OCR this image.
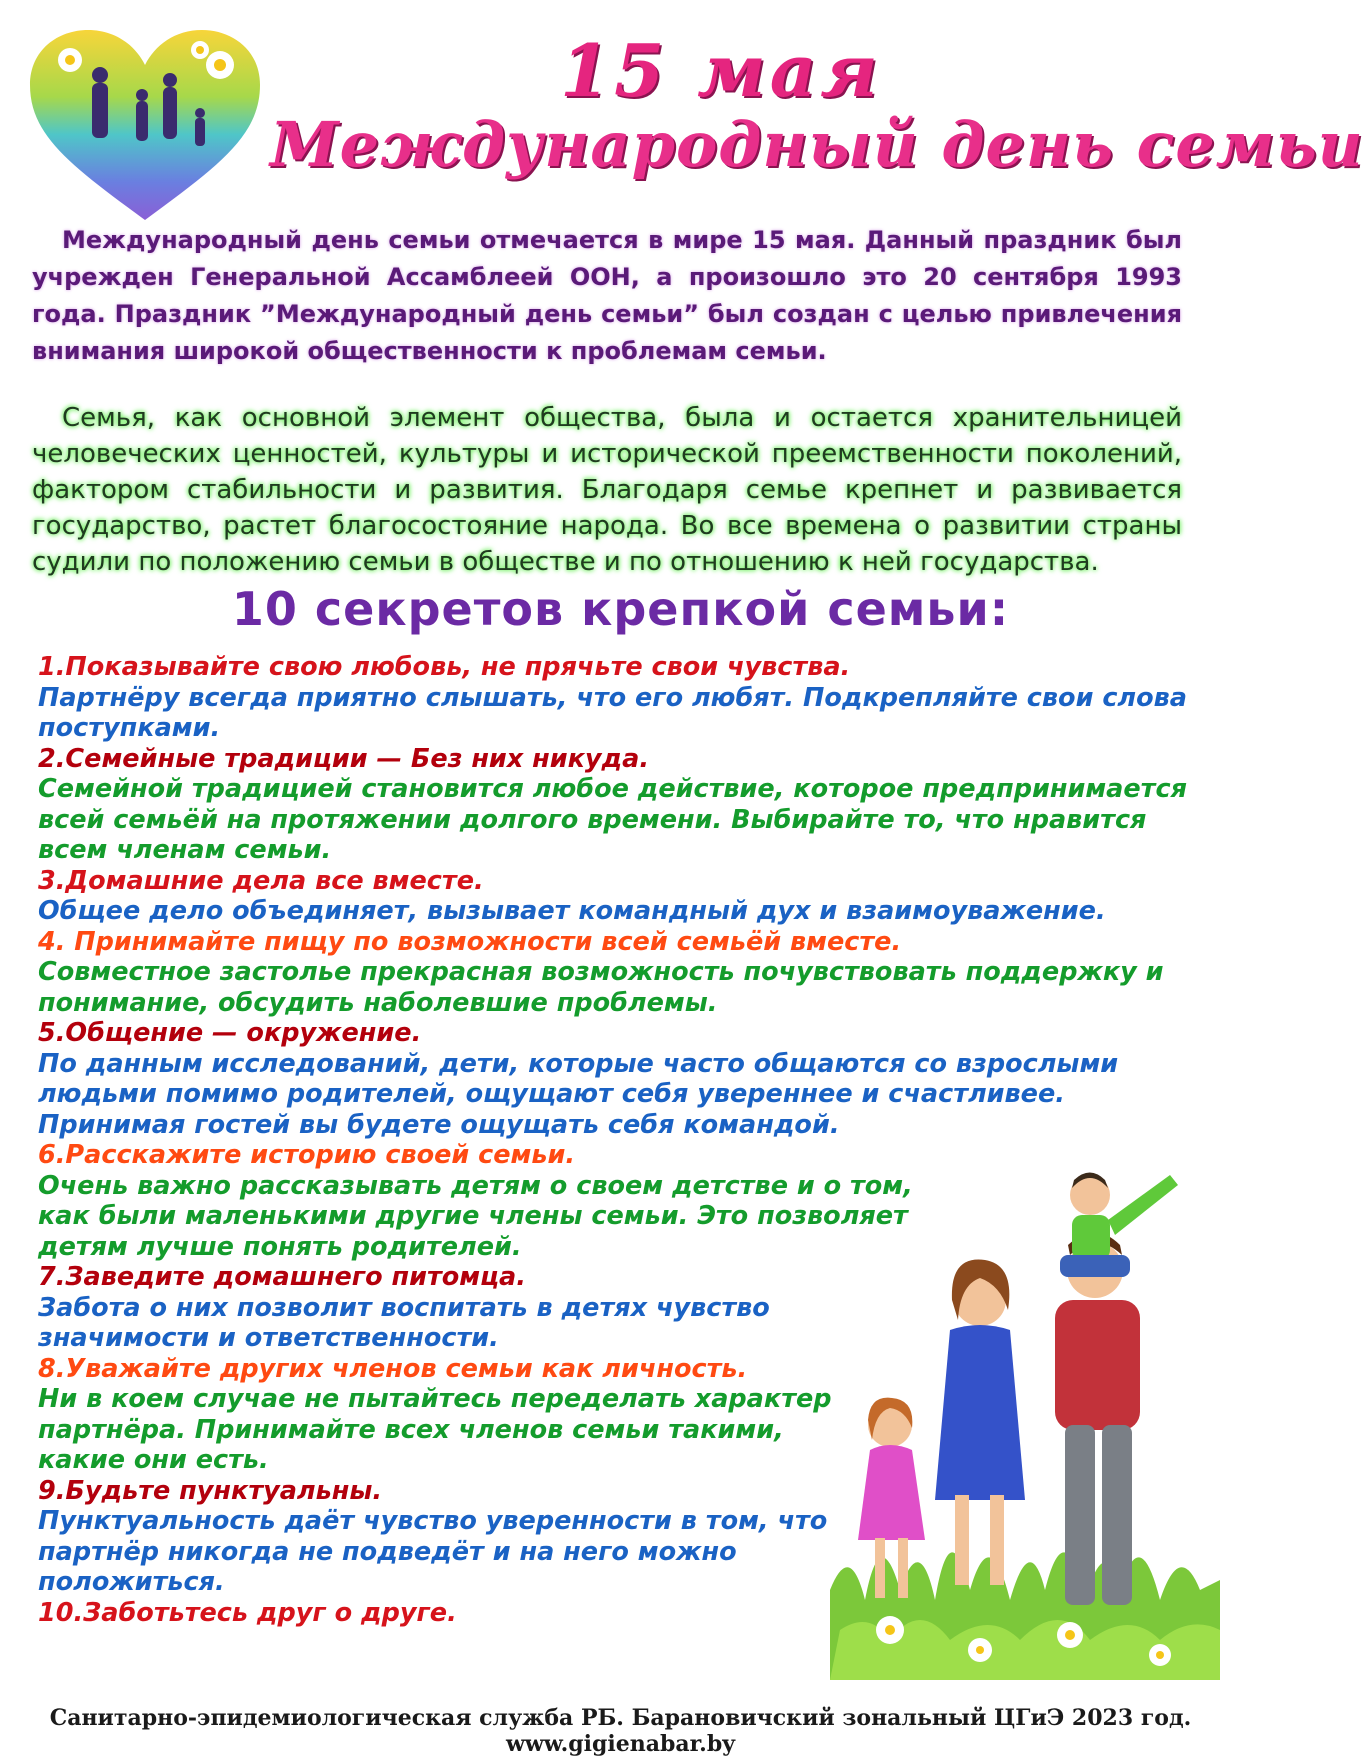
15 мая
Международный день семьи

Международный день семьи отмечается в мире 15 мая. Данный праздник был учрежден Генеральной Ассамблеей ООН, а произошло это 20 сентября 1993 года. Праздник ”Международный день семьи” был создан с целью привлечения внимания широкой общественности к проблемам семьи.

Семья, как основной элемент общества, была и остается хранительницей человеческих ценностей, культуры и исторической преемственности поколений, фактором стабильности и развития. Благодаря семье крепнет и развивается государство, растет благосостояние народа. Во все времена о развитии страны судили по положению семьи в обществе и по отношению к ней государства.

10 секретов крепкой семьи:
1.Показывайте свою любовь, не прячьте свои чувства.
Партнёру всегда приятно слышать, что его любят. Подкрепляйте свои слова поступками.
2.Семейные традиции — Без них никуда.
Семейной традицией становится любое действие, которое предпринимается всей семьёй на протяжении долгого времени. Выбирайте то, что нравится всем членам семьи.
3.Домашние дела все вместе.
Общее дело объединяет, вызывает командный дух и взаимоуважение.
4. Принимайте пищу по возможности всей семьёй вместе.
Совместное застолье прекрасная возможность почувствовать поддержку и понимание, обсудить наболевшие проблемы.
5.Общение — окружение.
По данным исследований, дети, которые часто общаются со взрослыми людьми помимо родителей, ощущают себя увереннее и счастливее. Принимая гостей вы будете ощущать себя командой.
6.Расскажите историю своей семьи.
Очень важно рассказывать детям о своем детстве и о том, как были маленькими другие члены семьи. Это позволяет детям лучше понять родителей.
7.Заведите домашнего питомца.
Забота о них позволит воспитать в детях чувство значимости и ответственности.
8.Уважайте других членов семьи как личность.
Ни в коем случае не пытайтесь переделать характер партнёра. Принимайте всех членов семьи такими, какие они есть.
9.Будьте пунктуальны.
Пунктуальность даёт чувство уверенности в том, что партнёр никогда не подведёт и на него можно положиться.
10.Заботьтесь друг о друге.
Санитарно-эпидемиологическая служба РБ. Барановичский зональный ЦГиЭ 2023 год. www.gigienabar.by
